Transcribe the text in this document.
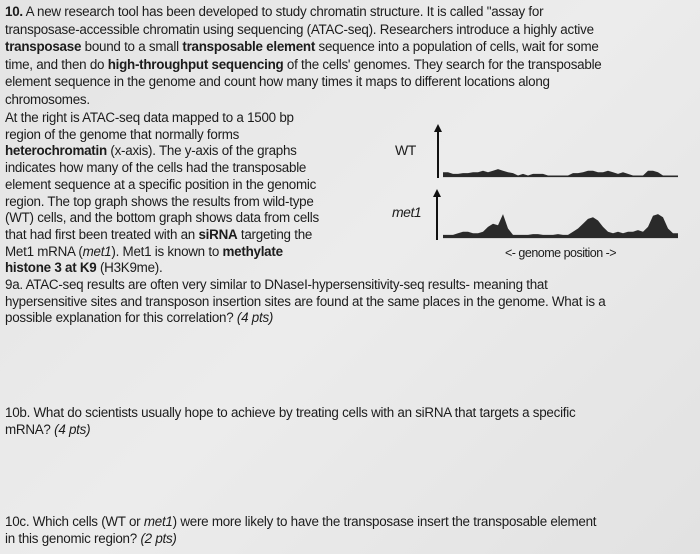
10. A new research tool has been developed to study chromatin structure. It is called "assay for
transposase-accessible chromatin using sequencing (ATAC-seq). Researchers introduce a highly active
transposase bound to a small transposable element sequence into a population of cells, wait for some
time, and then do high-throughput sequencing of the cells' genomes. They search for the transposable
element sequence in the genome and count how many times it maps to different locations along
chromosomes.
At the right is ATAC-seq data mapped to a 1500 bp
region of the genome that normally forms
heterochromatin (x-axis). The y-axis of the graphs
indicates how many of the cells had the transposable
element sequence at a specific position in the genomic
region. The top graph shows the results from wild-type
(WT) cells, and the bottom graph shows data from cells
that had first been treated with an siRNA targeting the
Met1 mRNA (met1). Met1 is known to methylate
histone 3 at K9 (H3K9me).
9a. ATAC-seq results are often very similar to DNaseI-hypersensitivity-seq results- meaning that
hypersensitive sites and transposon insertion sites are found at the same places in the genome. What is a
possible explanation for this correlation? (4 pts)
10b. What do scientists usually hope to achieve by treating cells with an siRNA that targets a specific
mRNA? (4 pts)
10c. Which cells (WT or met1) were more likely to have the transposase insert the transposable element
in this genomic region? (2 pts)
WT
met1
<- genome position ->
